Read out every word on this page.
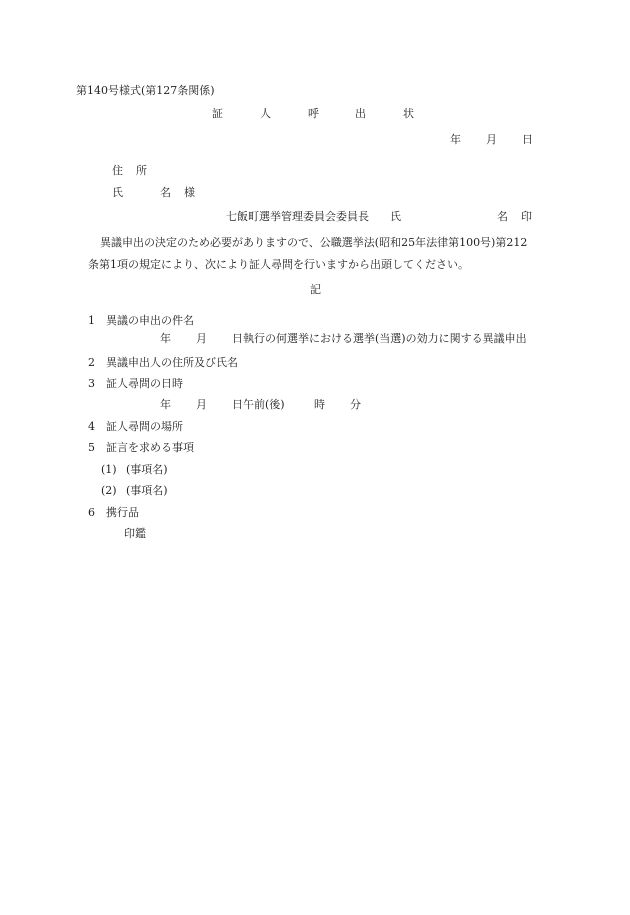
第140号様式(第127条関係)
証	人	呼	出	状
年 月 日
住 所
氏	名 様
七飯町選挙管理委員会委員長 氏	名 印
異議申出の決定のため必要がありますので、公職選挙法(昭和25年法律第100号)第212
条第1項の規定により、次により証人尋問を行いますから出頭してください。
記
1 異議の申出の件名
年 月 日執行の何選挙における選挙(当選)の効力に関する異議申出
2 異議申出人の住所及び氏名
3 証人尋問の日時
年 月 日午前(後)	時 分
4 証人尋問の場所
5 証言を求める事項
(1) (事項名)
(2) (事項名)
6 携行品
印鑑
